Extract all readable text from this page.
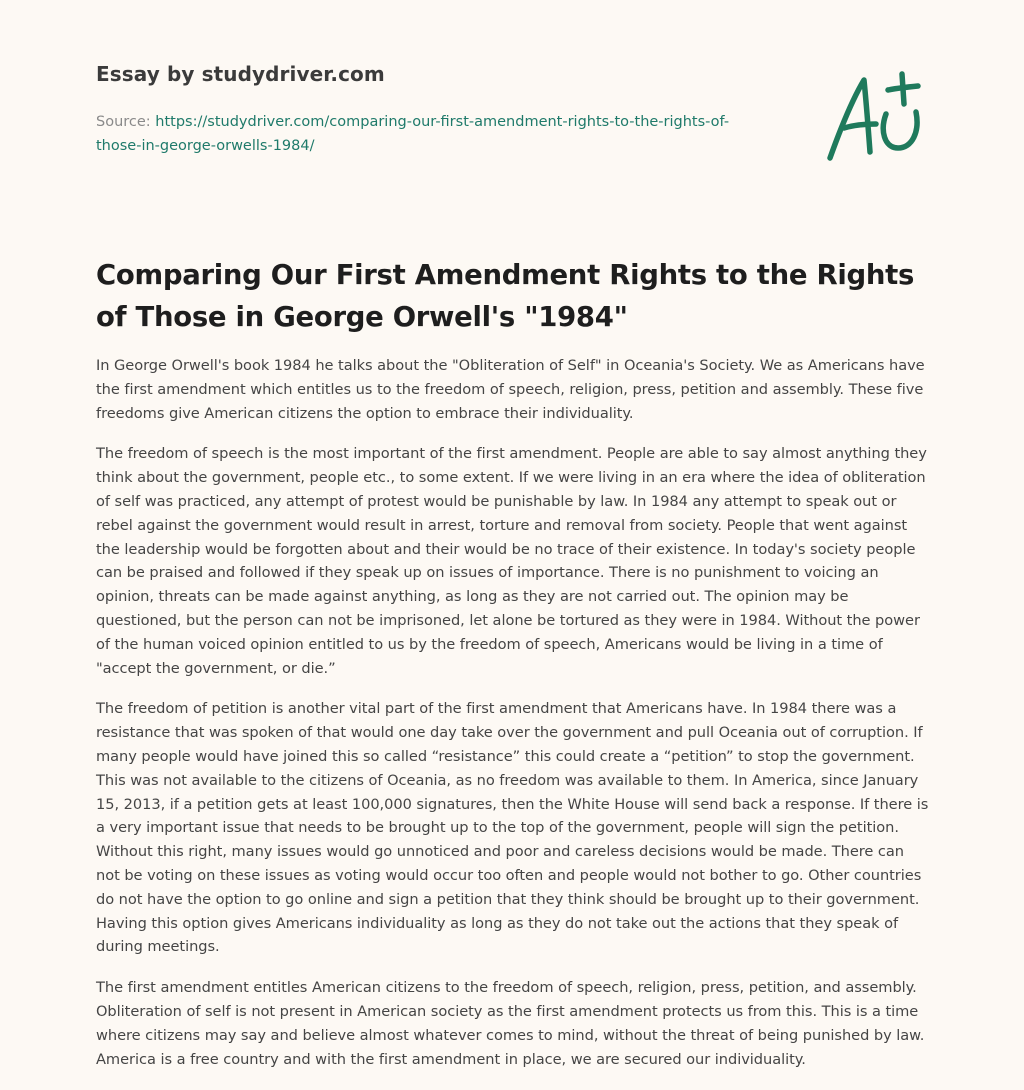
Essay by studydriver.com
Source: https://studydriver.com/comparing-our-first-amendment-rights-to-the-rights-of-
those-in-george-orwells-1984/
Comparing Our First Amendment Rights to the Rights of Those in George Orwell's "1984"

In George Orwell's book 1984 he talks about the "Obliteration of Self" in Oceania's Society. We as Americans have the first amendment which entitles us to the freedom of speech, religion, press, petition and assembly. These five freedoms give American citizens the option to embrace their individuality.

The freedom of speech is the most important of the first amendment. People are able to say almost anything they think about the government, people etc., to some extent. If we were living in an era where the idea of obliteration of self was practiced, any attempt of protest would be punishable by law. In 1984 any attempt to speak out or rebel against the government would result in arrest, torture and removal from society. People that went against the leadership would be forgotten about and their would be no trace of their existence. In today's society people can be praised and followed if they speak up on issues of importance. There is no punishment to voicing an opinion, threats can be made against anything, as long as they are not carried out. The opinion may be questioned, but the person can not be imprisoned, let alone be tortured as they were in 1984. Without the power of the human voiced opinion entitled to us by the freedom of speech, Americans would be living in a time of "accept the government, or die.”

The freedom of petition is another vital part of the first amendment that Americans have. In 1984 there was a resistance that was spoken of that would one day take over the government and pull Oceania out of corruption. If many people would have joined this so called “resistance” this could create a “petition” to stop the government. This was not available to the citizens of Oceania, as no freedom was available to them. In America, since January 15, 2013, if a petition gets at least 100,000 signatures, then the White House will send back a response. If there is a very important issue that needs to be brought up to the top of the government, people will sign the petition. Without this right, many issues would go unnoticed and poor and careless decisions would be made. There can not be voting on these issues as voting would occur too often and people would not bother to go. Other countries do not have the option to go online and sign a petition that they think should be brought up to their government. Having this option gives Americans individuality as long as they do not take out the actions that they speak of during meetings.

The first amendment entitles American citizens to the freedom of speech, religion, press, petition, and assembly. Obliteration of self is not present in American society as the first amendment protects us from this. This is a time where citizens may say and believe almost whatever comes to mind, without the threat of being punished by law. America is a free country and with the first amendment in place, we are secured our individuality.
